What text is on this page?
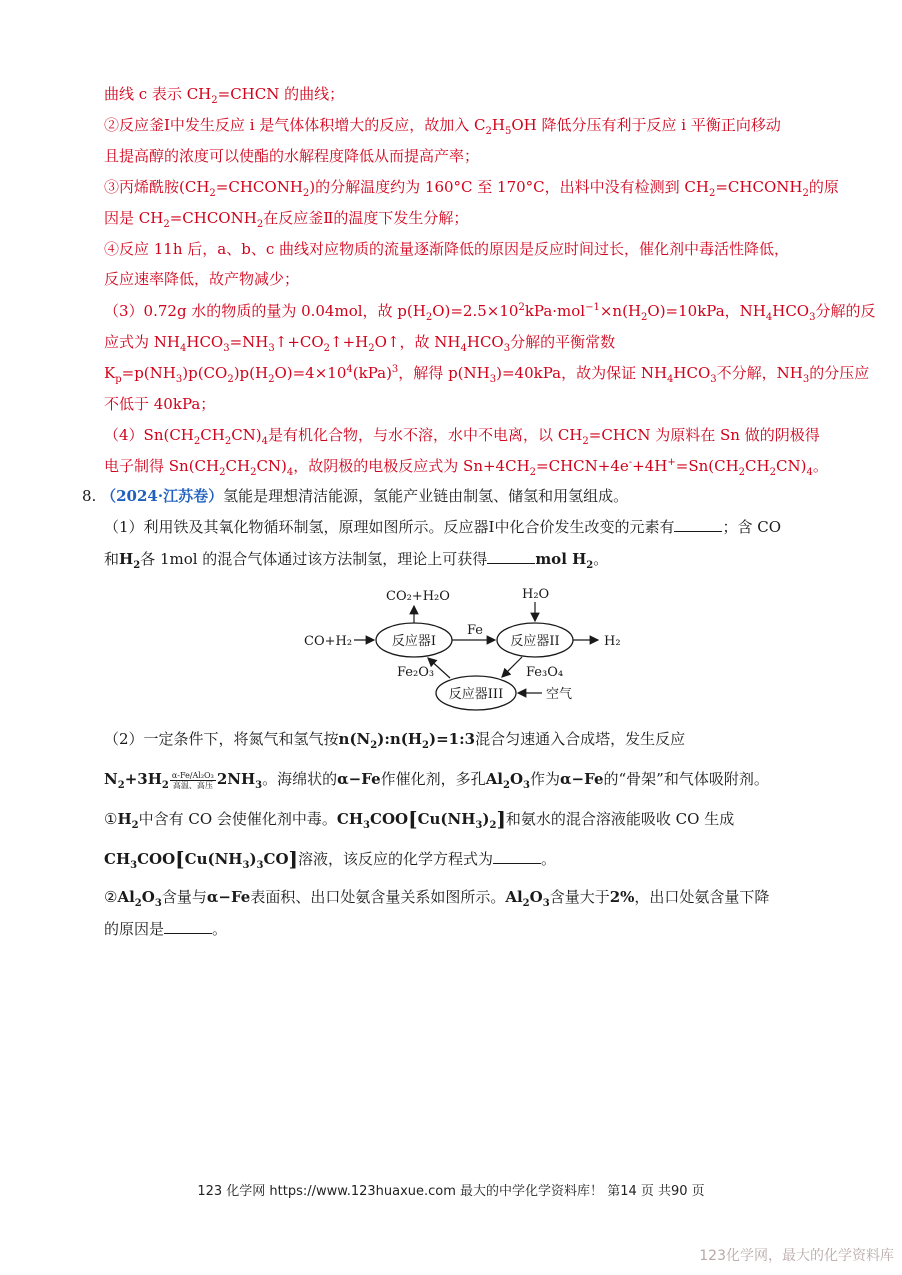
曲线 c 表示 $CH_2=CHCN$ 的曲线；
②反应釜Ⅰ中发生反应 i 是气体体积增大的反应，故加入 $C_2H_5OH$ 降低分压有利于反应 i 平衡正向移动
且提高醇的浓度可以使酯的水解程度降低从而提高产率；
③丙烯酰胺$(CH_2=CHCONH_2)$的分解温度约为 160°C 至 170°C，出料中没有检测到 $CH_2=CHCONH_2$的原
因是 $CH_2=CHCONH_2$在反应釜Ⅱ的温度下发生分解；
④反应 11h 后，a、b、c 曲线对应物质的流量逐渐降低的原因是反应时间过长，催化剂中毒活性降低，
反应速率降低，故产物减少；
（3）0.72g 水的物质的量为 0.04mol，故 $p(H_2O)=2.5\times 10^2kPa\cdot mol^{-1}\times n(H_2O)=10kPa$，$NH_4HCO_3$分解的反
应式为 $NH_4HCO_3=NH_3↑+CO_2↑+H_2O↑$，故 $NH_4HCO_3$分解的平衡常数
$K_p=p(NH_3)p(CO_2)p(H_2O)=4\times 10^4(kPa)^3$，解得 $p(NH_3)=40kPa$，故为保证 $NH_4HCO_3$不分解，$NH_3$的分压应
不低于 40kPa；
$(4)Sn(CH_2CH_2CN)_4$是有机化合物，与水不溶，水中不电离，以 $CH_2=CHCN$ 为原料在 Sn 做的阴极得
电子制得 $Sn(CH_2CH_2CN)_4$，故阴极的电极反应式为 $Sn+4CH_2=CHCN+4e^-+4H^+=Sn(CH_2CH_2CN)_4$。
8. （2024·江苏卷）氢能是理想清洁能源，氢能产业链由制氢、储氢和用氢组成。
（1）利用铁及其氧化物循环制氢，原理如图所示。反应器Ⅰ中化合价发生改变的元素有	；含 CO
和$H_2$各 1mol 的混合气体通过该方法制氢，理论上可获得	mol $H_2$。
反应器I	反应器II
反应器III
CO+H₂
CO₂+H₂O
Fe
H₂O
H₂
Fe₃O₄
Fe₂O₃
空气
（2）一定条件下，将氮气和氢气按$n(N_2):n(H_2)=1:3$混合匀速通入合成塔，发生反应
$N_2+3H_2 \frac{\text{α-Fe/Al₂O₃}}{\text{高温、高压}} 2NH_3$。海绵状的α−Fe作催化剂，多孔$Al_2O_3$作为α−Fe的“骨架”和气体吸附剂。
$①H_2$中含有 CO 会使催化剂中毒。$CH_3COO[Cu(NH_3)_2]$和氨水的混合溶液能吸收 CO 生成
$CH_3COO[Cu(NH_3)_3CO]$溶液，该反应的化学方程式为	。
$②Al_2O_3$含量与α−Fe表面积、出口处氨含量关系如图所示。$Al_2O_3$含量大于2%，出口处氨含量下降
的原因是	。
123 化学网 https://www.123huaxue.com 最大的中学化学资料库！ 第14 页 共90 页
123化学网，最大的化学资料库
